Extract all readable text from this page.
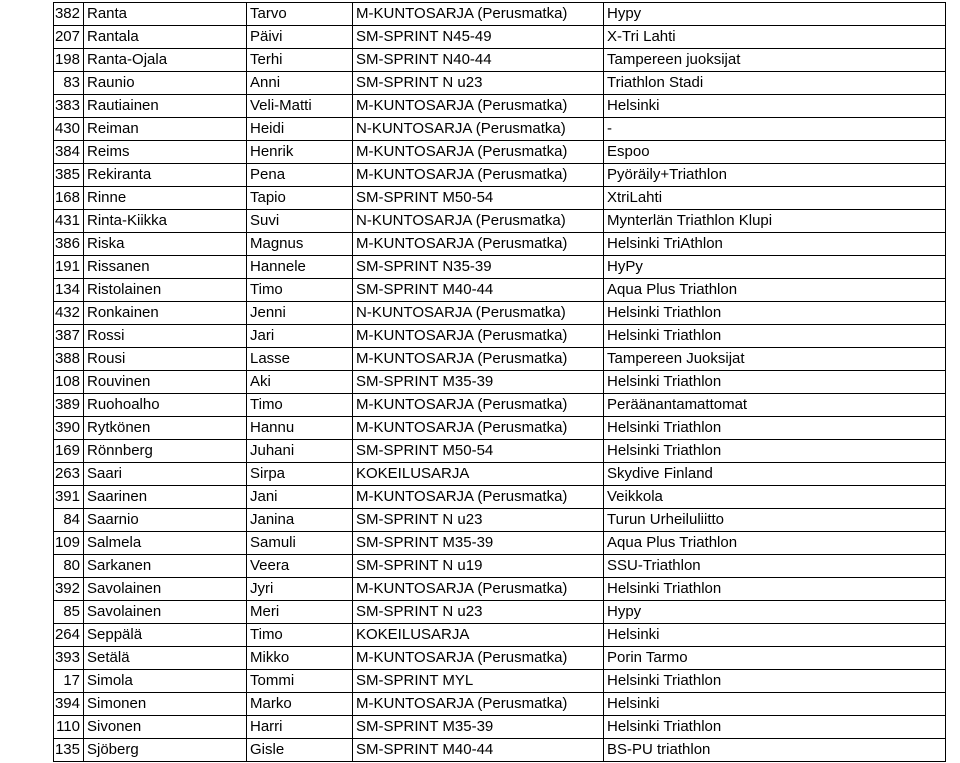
382	Ranta	Tarvo	M-KUNTOSARJA (Perusmatka)	Hypy
207	Rantala	Päivi	SM-SPRINT N45-49	X-Tri Lahti
198	Ranta-Ojala	Terhi	SM-SPRINT N40-44	Tampereen juoksijat
83	Raunio	Anni	SM-SPRINT N u23	Triathlon Stadi
383	Rautiainen	Veli-Matti	M-KUNTOSARJA (Perusmatka)	Helsinki
430	Reiman	Heidi	N-KUNTOSARJA (Perusmatka)	-
384	Reims	Henrik	M-KUNTOSARJA (Perusmatka)	Espoo
385	Rekiranta	Pena	M-KUNTOSARJA (Perusmatka)	Pyöräily+Triathlon
168	Rinne	Tapio	SM-SPRINT M50-54	XtriLahti
431	Rinta-Kiikka	Suvi	N-KUNTOSARJA (Perusmatka)	Mynterlän Triathlon Klupi
386	Riska	Magnus	M-KUNTOSARJA (Perusmatka)	Helsinki TriAthlon
191	Rissanen	Hannele	SM-SPRINT N35-39	HyPy
134	Ristolainen	Timo	SM-SPRINT M40-44	Aqua Plus Triathlon
432	Ronkainen	Jenni	N-KUNTOSARJA (Perusmatka)	Helsinki Triathlon
387	Rossi	Jari	M-KUNTOSARJA (Perusmatka)	Helsinki Triathlon
388	Rousi	Lasse	M-KUNTOSARJA (Perusmatka)	Tampereen Juoksijat
108	Rouvinen	Aki	SM-SPRINT M35-39	Helsinki Triathlon
389	Ruohoalho	Timo	M-KUNTOSARJA (Perusmatka)	Peräänantamattomat
390	Rytkönen	Hannu	M-KUNTOSARJA (Perusmatka)	Helsinki Triathlon
169	Rönnberg	Juhani	SM-SPRINT M50-54	Helsinki Triathlon
263	Saari	Sirpa	KOKEILUSARJA	Skydive Finland
391	Saarinen	Jani	M-KUNTOSARJA (Perusmatka)	Veikkola
84	Saarnio	Janina	SM-SPRINT N u23	Turun Urheiluliitto
109	Salmela	Samuli	SM-SPRINT M35-39	Aqua Plus Triathlon
80	Sarkanen	Veera	SM-SPRINT N u19	SSU-Triathlon
392	Savolainen	Jyri	M-KUNTOSARJA (Perusmatka)	Helsinki Triathlon
85	Savolainen	Meri	SM-SPRINT N u23	Hypy
264	Seppälä	Timo	KOKEILUSARJA	Helsinki
393	Setälä	Mikko	M-KUNTOSARJA (Perusmatka)	Porin Tarmo
17	Simola	Tommi	SM-SPRINT MYL	Helsinki Triathlon
394	Simonen	Marko	M-KUNTOSARJA (Perusmatka)	Helsinki
110	Sivonen	Harri	SM-SPRINT M35-39	Helsinki Triathlon
135	Sjöberg	Gisle	SM-SPRINT M40-44	BS-PU triathlon
